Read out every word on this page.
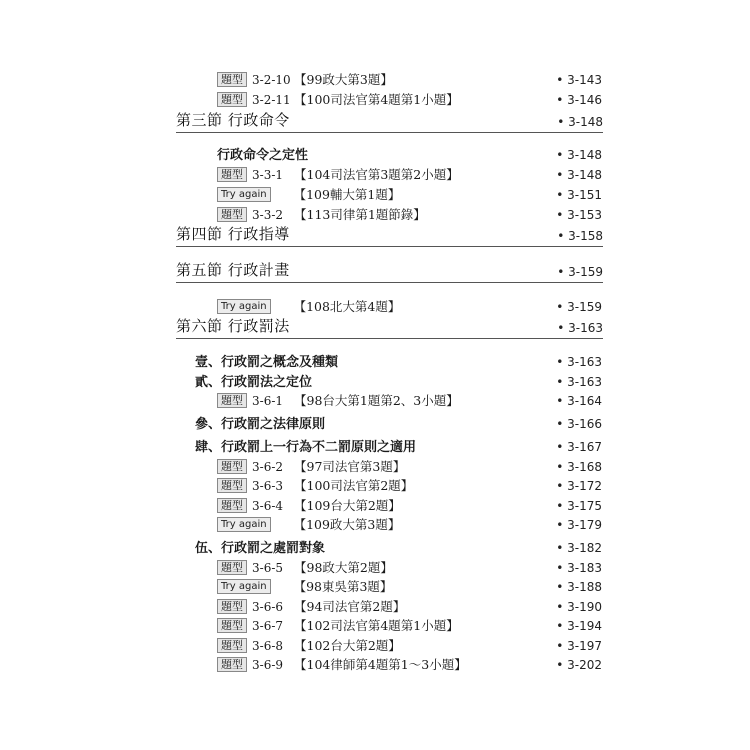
題型 3-2-10 【99政大第3題】	• 3-143
題型 3-2-11 【100司法官第4題第1小題】	• 3-146
第三節 行政命令	• 3-148
行政命令之定性	• 3-148
題型 3-3-1 【104司法官第3題第2小題】	• 3-148
Try again 【109輔大第1題】	• 3-151
題型 3-3-2 【113司律第1題節錄】	• 3-153
第四節 行政指導	• 3-158
第五節 行政計畫	• 3-159
Try again 【108北大第4題】	• 3-159
第六節 行政罰法	• 3-163
壹、行政罰之概念及種類	• 3-163
貳、行政罰法之定位	• 3-163
題型 3-6-1 【98台大第1題第2、3小題】	• 3-164
參、行政罰之法律原則	• 3-166
肆、行政罰上一行為不二罰原則之適用	• 3-167
題型 3-6-2 【97司法官第3題】	• 3-168
題型 3-6-3 【100司法官第2題】	• 3-172
題型 3-6-4 【109台大第2題】	• 3-175
Try again 【109政大第3題】	• 3-179
伍、行政罰之處罰對象	• 3-182
題型 3-6-5 【98政大第2題】	• 3-183
Try again 【98東吳第3題】	• 3-188
題型 3-6-6 【94司法官第2題】	• 3-190
題型 3-6-7 【102司法官第4題第1小題】	• 3-194
題型 3-6-8 【102台大第2題】	• 3-197
題型 3-6-9 【104律師第4題第1～3小題】	• 3-202
